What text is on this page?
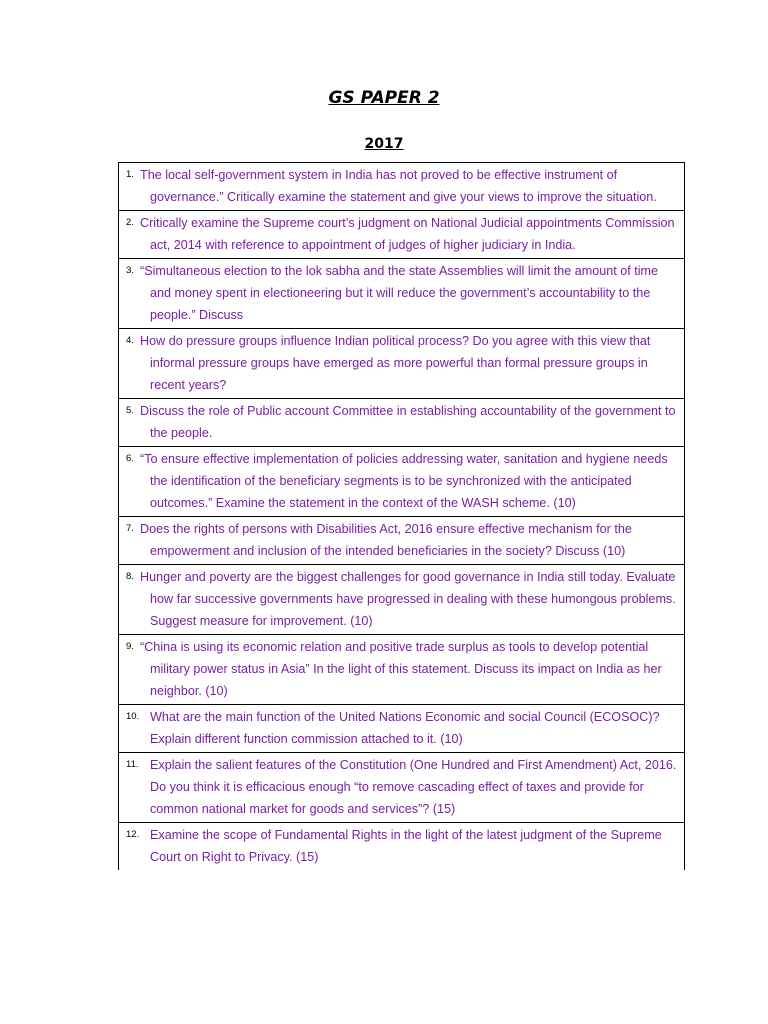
GS PAPER 2
2017
1. The local self-government system in India has not proved to be effective instrument of governance.” Critically examine the statement and give your views to improve the situation.
2. Critically examine the Supreme court’s judgment on National Judicial appointments Commission act, 2014 with reference to appointment of judges of higher judiciary in India.
3. “Simultaneous election to the lok sabha and the state Assemblies will limit the amount of time and money spent in electioneering but it will reduce the government’s accountability to the people.” Discuss
4. How do pressure groups influence Indian political process? Do you agree with this view that informal pressure groups have emerged as more powerful than formal pressure groups in recent years?
5. Discuss the role of Public account Committee in establishing accountability of the government to the people.
6. “To ensure effective implementation of policies addressing water, sanitation and hygiene needs the identification of the beneficiary segments is to be synchronized with the anticipated outcomes.” Examine the statement in the context of the WASH scheme. (10)
7. Does the rights of persons with Disabilities Act, 2016 ensure effective mechanism for the empowerment and inclusion of the intended beneficiaries in the society? Discuss (10)
8. Hunger and poverty are the biggest challenges for good governance in India still today. Evaluate how far successive governments have progressed in dealing with these humongous problems. Suggest measure for improvement. (10)
9. “China is using its economic relation and positive trade surplus as tools to develop potential military power status in Asia” In the light of this statement. Discuss its impact on India as her neighbor. (10)
10. What are the main function of the United Nations Economic and social Council (ECOSOC)? Explain different function commission attached to it. (10)
11. Explain the salient features of the Constitution (One Hundred and First Amendment) Act, 2016. Do you think it is efficacious enough “to remove cascading effect of taxes and provide for common national market for goods and services”? (15)
12. Examine the scope of Fundamental Rights in the light of the latest judgment of the Supreme Court on Right to Privacy. (15)
